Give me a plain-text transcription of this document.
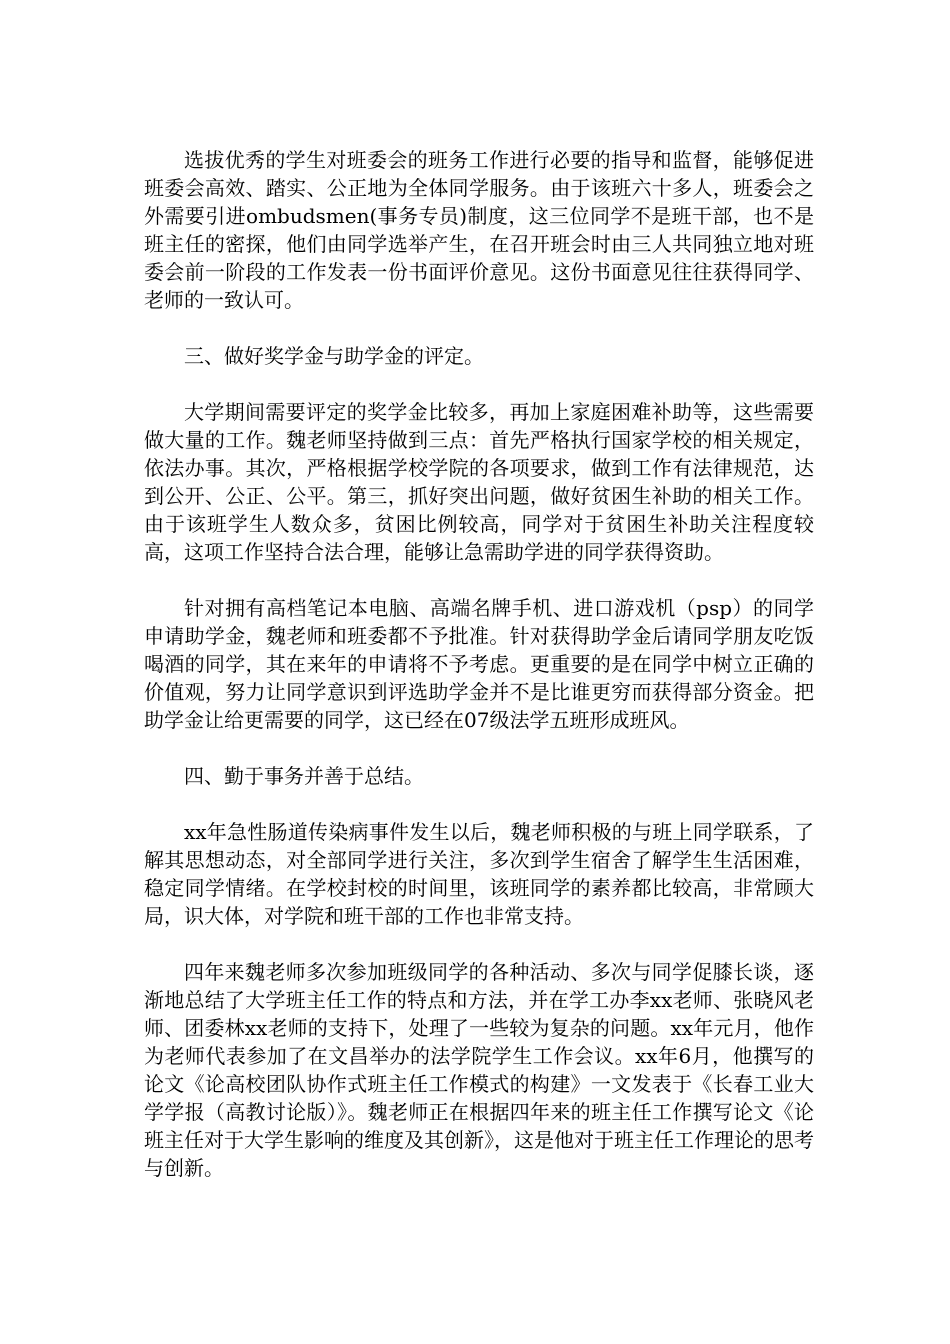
选拔优秀的学生对班委会的班务工作进行必要的指导和监督，能够促进班委会高效、踏实、公正地为全体同学服务。由于该班六十多人，班委会之外需要引进ombudsmen(事务专员)制度，这三位同学不是班干部，也不是班主任的密探，他们由同学选举产生，在召开班会时由三人共同独立地对班委会前一阶段的工作发表一份书面评价意见。这份书面意见往往获得同学、老师的一致认可。

三、做好奖学金与助学金的评定。

大学期间需要评定的奖学金比较多，再加上家庭困难补助等，这些需要做大量的工作。魏老师坚持做到三点：首先严格执行国家学校的相关规定，依法办事。其次，严格根据学校学院的各项要求，做到工作有法律规范，达到公开、公正、公平。第三，抓好突出问题，做好贫困生补助的相关工作。由于该班学生人数众多，贫困比例较高，同学对于贫困生补助关注程度较高，这项工作坚持合法合理，能够让急需助学进的同学获得资助。

针对拥有高档笔记本电脑、高端名牌手机、进口游戏机（psp）的同学申请助学金，魏老师和班委都不予批准。针对获得助学金后请同学朋友吃饭喝酒的同学，其在来年的申请将不予考虑。更重要的是在同学中树立正确的价值观，努力让同学意识到评选助学金并不是比谁更穷而获得部分资金。把助学金让给更需要的同学，这已经在07级法学五班形成班风。

四、勤于事务并善于总结。

xx年急性肠道传染病事件发生以后，魏老师积极的与班上同学联系，了解其思想动态，对全部同学进行关注，多次到学生宿舍了解学生生活困难，稳定同学情绪。在学校封校的时间里，该班同学的素养都比较高，非常顾大局，识大体，对学院和班干部的工作也非常支持。

四年来魏老师多次参加班级同学的各种活动、多次与同学促膝长谈，逐渐地总结了大学班主任工作的特点和方法，并在学工办李xx老师、张晓风老师、团委林xx老师的支持下，处理了一些较为复杂的问题。xx年元月，他作为老师代表参加了在文昌举办的法学院学生工作会议。xx年6月，他撰写的论文《论高校团队协作式班主任工作模式的构建》一文发表于《长春工业大学学报（高教讨论版）》。魏老师正在根据四年来的班主任工作撰写论文《论班主任对于大学生影响的维度及其创新》，这是他对于班主任工作理论的思考与创新。
